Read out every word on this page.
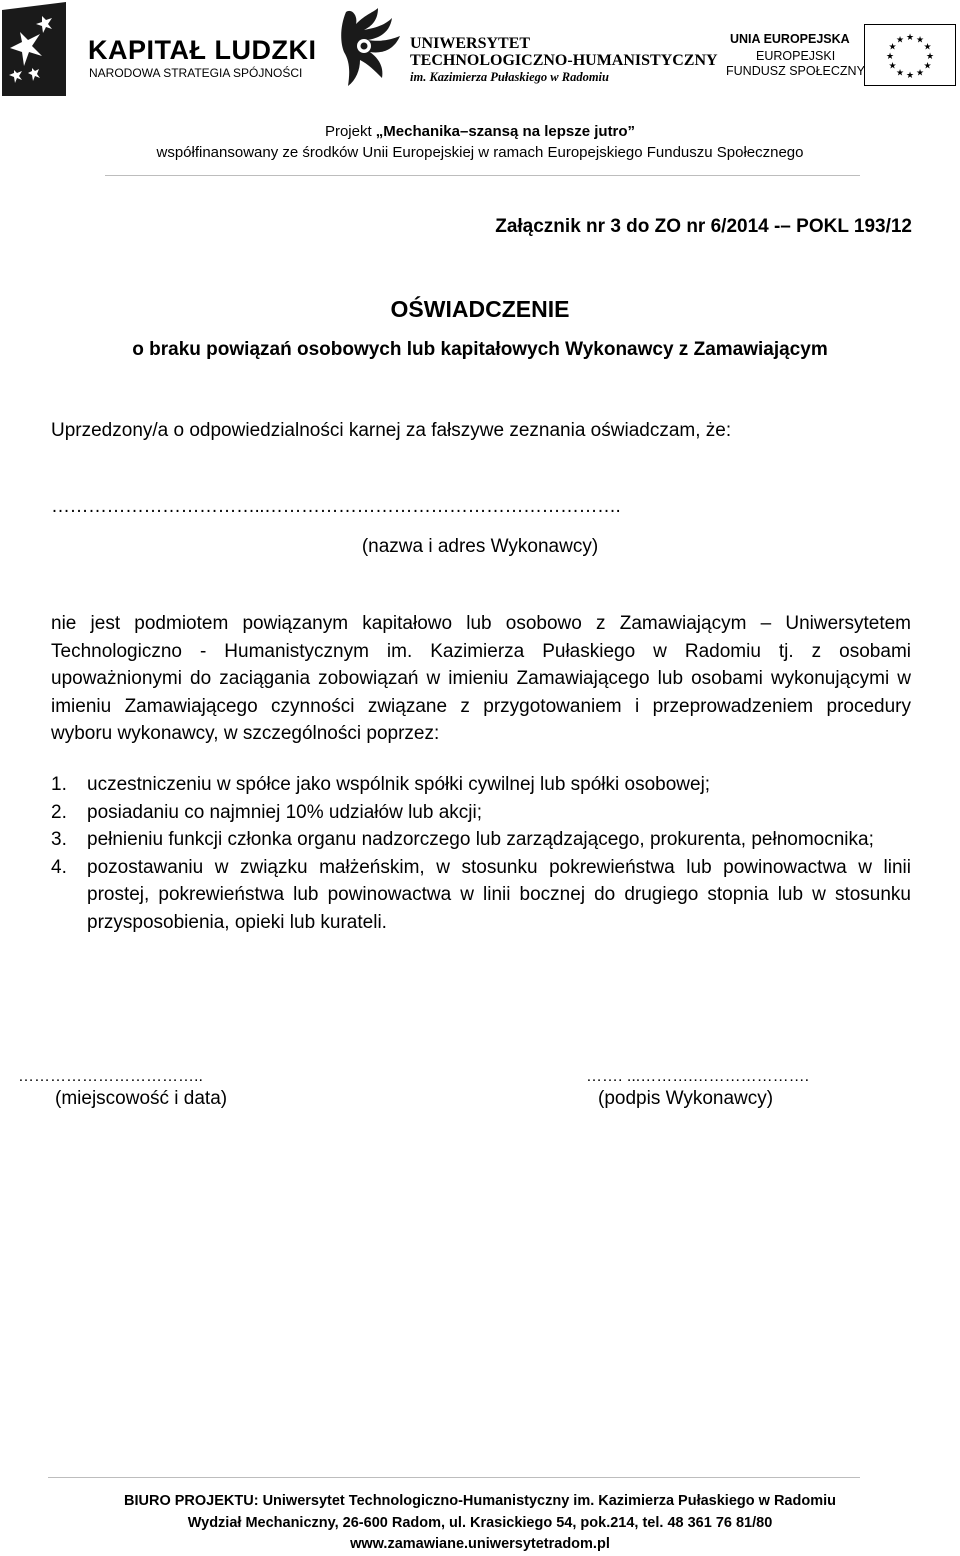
KAPITAŁ LUDZKI
NARODOWA STRATEGIA SPÓJNOŚCI
UNIWERSYTET
TECHNOLOGICZNO-HUMANISTYCZNY
im. Kazimierza Pułaskiego w Radomiu
UNIA EUROPEJSKA
EUROPEJSKI
FUNDUSZ SPOŁECZNY
★ ★
★
★
★
★
★
★
★
★
★
★
Projekt „Mechanika–szansą na lepsze jutro”
współfinansowany ze środków Unii Europejskiej w ramach Europejskiego Funduszu Społecznego
Załącznik nr 3 do ZO nr 6/2014 -– POKL 193/12
OŚWIADCZENIE
o braku powiązań osobowych lub kapitałowych Wykonawcy z Zamawiającym
Uprzedzony/a o odpowiedzialności karnej za fałszywe zeznania oświadczam, że:
……………………………..………………………………………………….
(nazwa i adres Wykonawcy)
nie jest podmiotem powiązanym kapitałowo lub osobowo z Zamawiającym – Uniwersytetem Technologiczno - Humanistycznym im. Kazimierza Pułaskiego w Radomiu tj. z osobami upoważnionymi do zaciągania zobowiązań w imieniu Zamawiającego lub osobami wykonującymi w imieniu Zamawiającego czynności związane z przygotowaniem i przeprowadzeniem procedury wyboru wykonawcy, w szczególności poprzez:
1.	uczestniczeniu w spółce jako wspólnik spółki cywilnej lub spółki osobowej;
2.	posiadaniu co najmniej 10% udziałów lub akcji;
3.	pełnieniu funkcji członka organu nadzorczego lub zarządzającego, prokurenta, pełnomocnika;
4.	pozostawaniu w związku małżeńskim, w stosunku pokrewieństwa lub powinowactwa w linii prostej, pokrewieństwa lub powinowactwa w linii bocznej do drugiego stopnia lub w stosunku przysposobienia, opieki lub kurateli.
……………………………..
(miejscowość i data)
……. ...……….………………….
(podpis Wykonawcy)
BIURO PROJEKTU: Uniwersytet Technologiczno-Humanistyczny im. Kazimierza Pułaskiego w Radomiu
Wydział Mechaniczny, 26-600 Radom, ul. Krasickiego 54, pok.214, tel. 48 361 76 81/80
www.zamawiane.uniwersytetradom.pl
